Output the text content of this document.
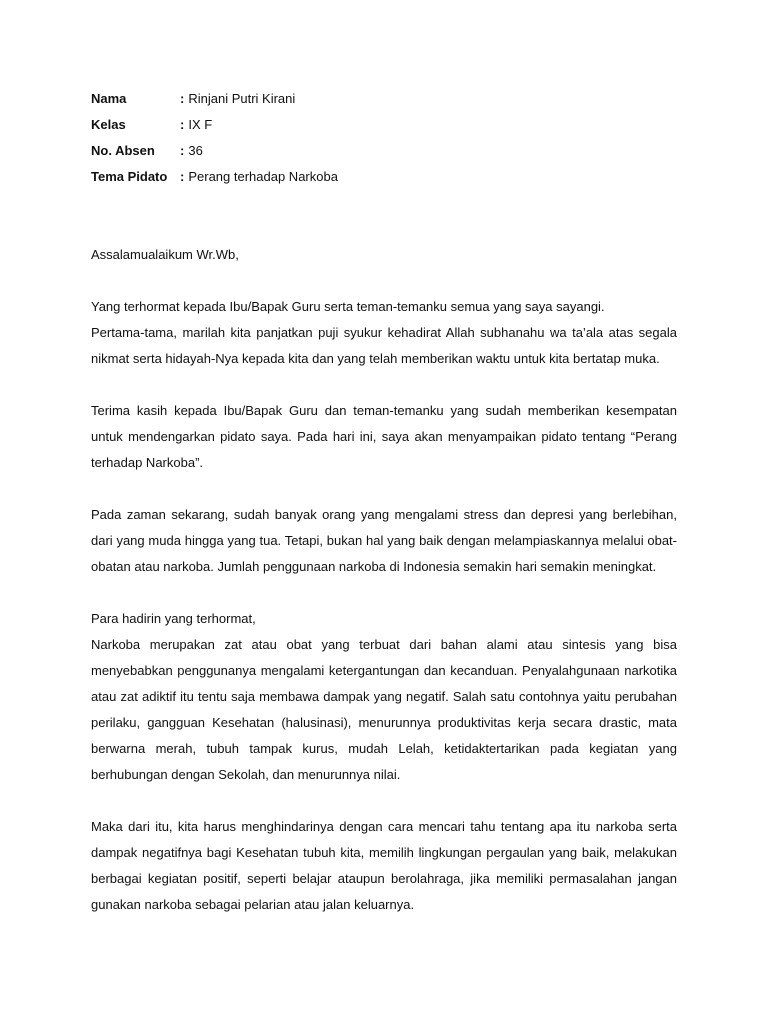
Nama	: Rinjani Putri Kirani
Kelas	: IX F
No. Absen	: 36
Tema Pidato : Perang terhadap Narkoba
Assalamualaikum Wr.Wb,

Yang terhormat kepada Ibu/Bapak Guru serta teman-temanku semua yang saya sayangi.

Pertama-tama, marilah kita panjatkan puji syukur kehadirat Allah subhanahu wa ta’ala atas segala nikmat serta hidayah-Nya kepada kita dan yang telah memberikan waktu untuk kita bertatap muka.

Terima kasih kepada Ibu/Bapak Guru dan teman-temanku yang sudah memberikan kesempatan untuk mendengarkan pidato saya. Pada hari ini, saya akan menyampaikan pidato tentang “Perang terhadap Narkoba”.

Pada zaman sekarang, sudah banyak orang yang mengalami stress dan depresi yang berlebihan, dari yang muda hingga yang tua. Tetapi, bukan hal yang baik dengan melampiaskannya melalui obat-obatan atau narkoba. Jumlah penggunaan narkoba di Indonesia semakin hari semakin meningkat.

Para hadirin yang terhormat,

Narkoba merupakan zat atau obat yang terbuat dari bahan alami atau sintesis yang bisa menyebabkan penggunanya mengalami ketergantungan dan kecanduan. Penyalahgunaan narkotika atau zat adiktif itu tentu saja membawa dampak yang negatif. Salah satu contohnya yaitu perubahan perilaku, gangguan Kesehatan (halusinasi), menurunnya produktivitas kerja secara drastic, mata berwarna merah, tubuh tampak kurus, mudah Lelah, ketidaktertarikan pada kegiatan yang berhubungan dengan Sekolah, dan menurunnya nilai.

Maka dari itu, kita harus menghindarinya dengan cara mencari tahu tentang apa itu narkoba serta dampak negatifnya bagi Kesehatan tubuh kita, memilih lingkungan pergaulan yang baik, melakukan berbagai kegiatan positif, seperti belajar ataupun berolahraga, jika memiliki permasalahan jangan gunakan narkoba sebagai pelarian atau jalan keluarnya.
